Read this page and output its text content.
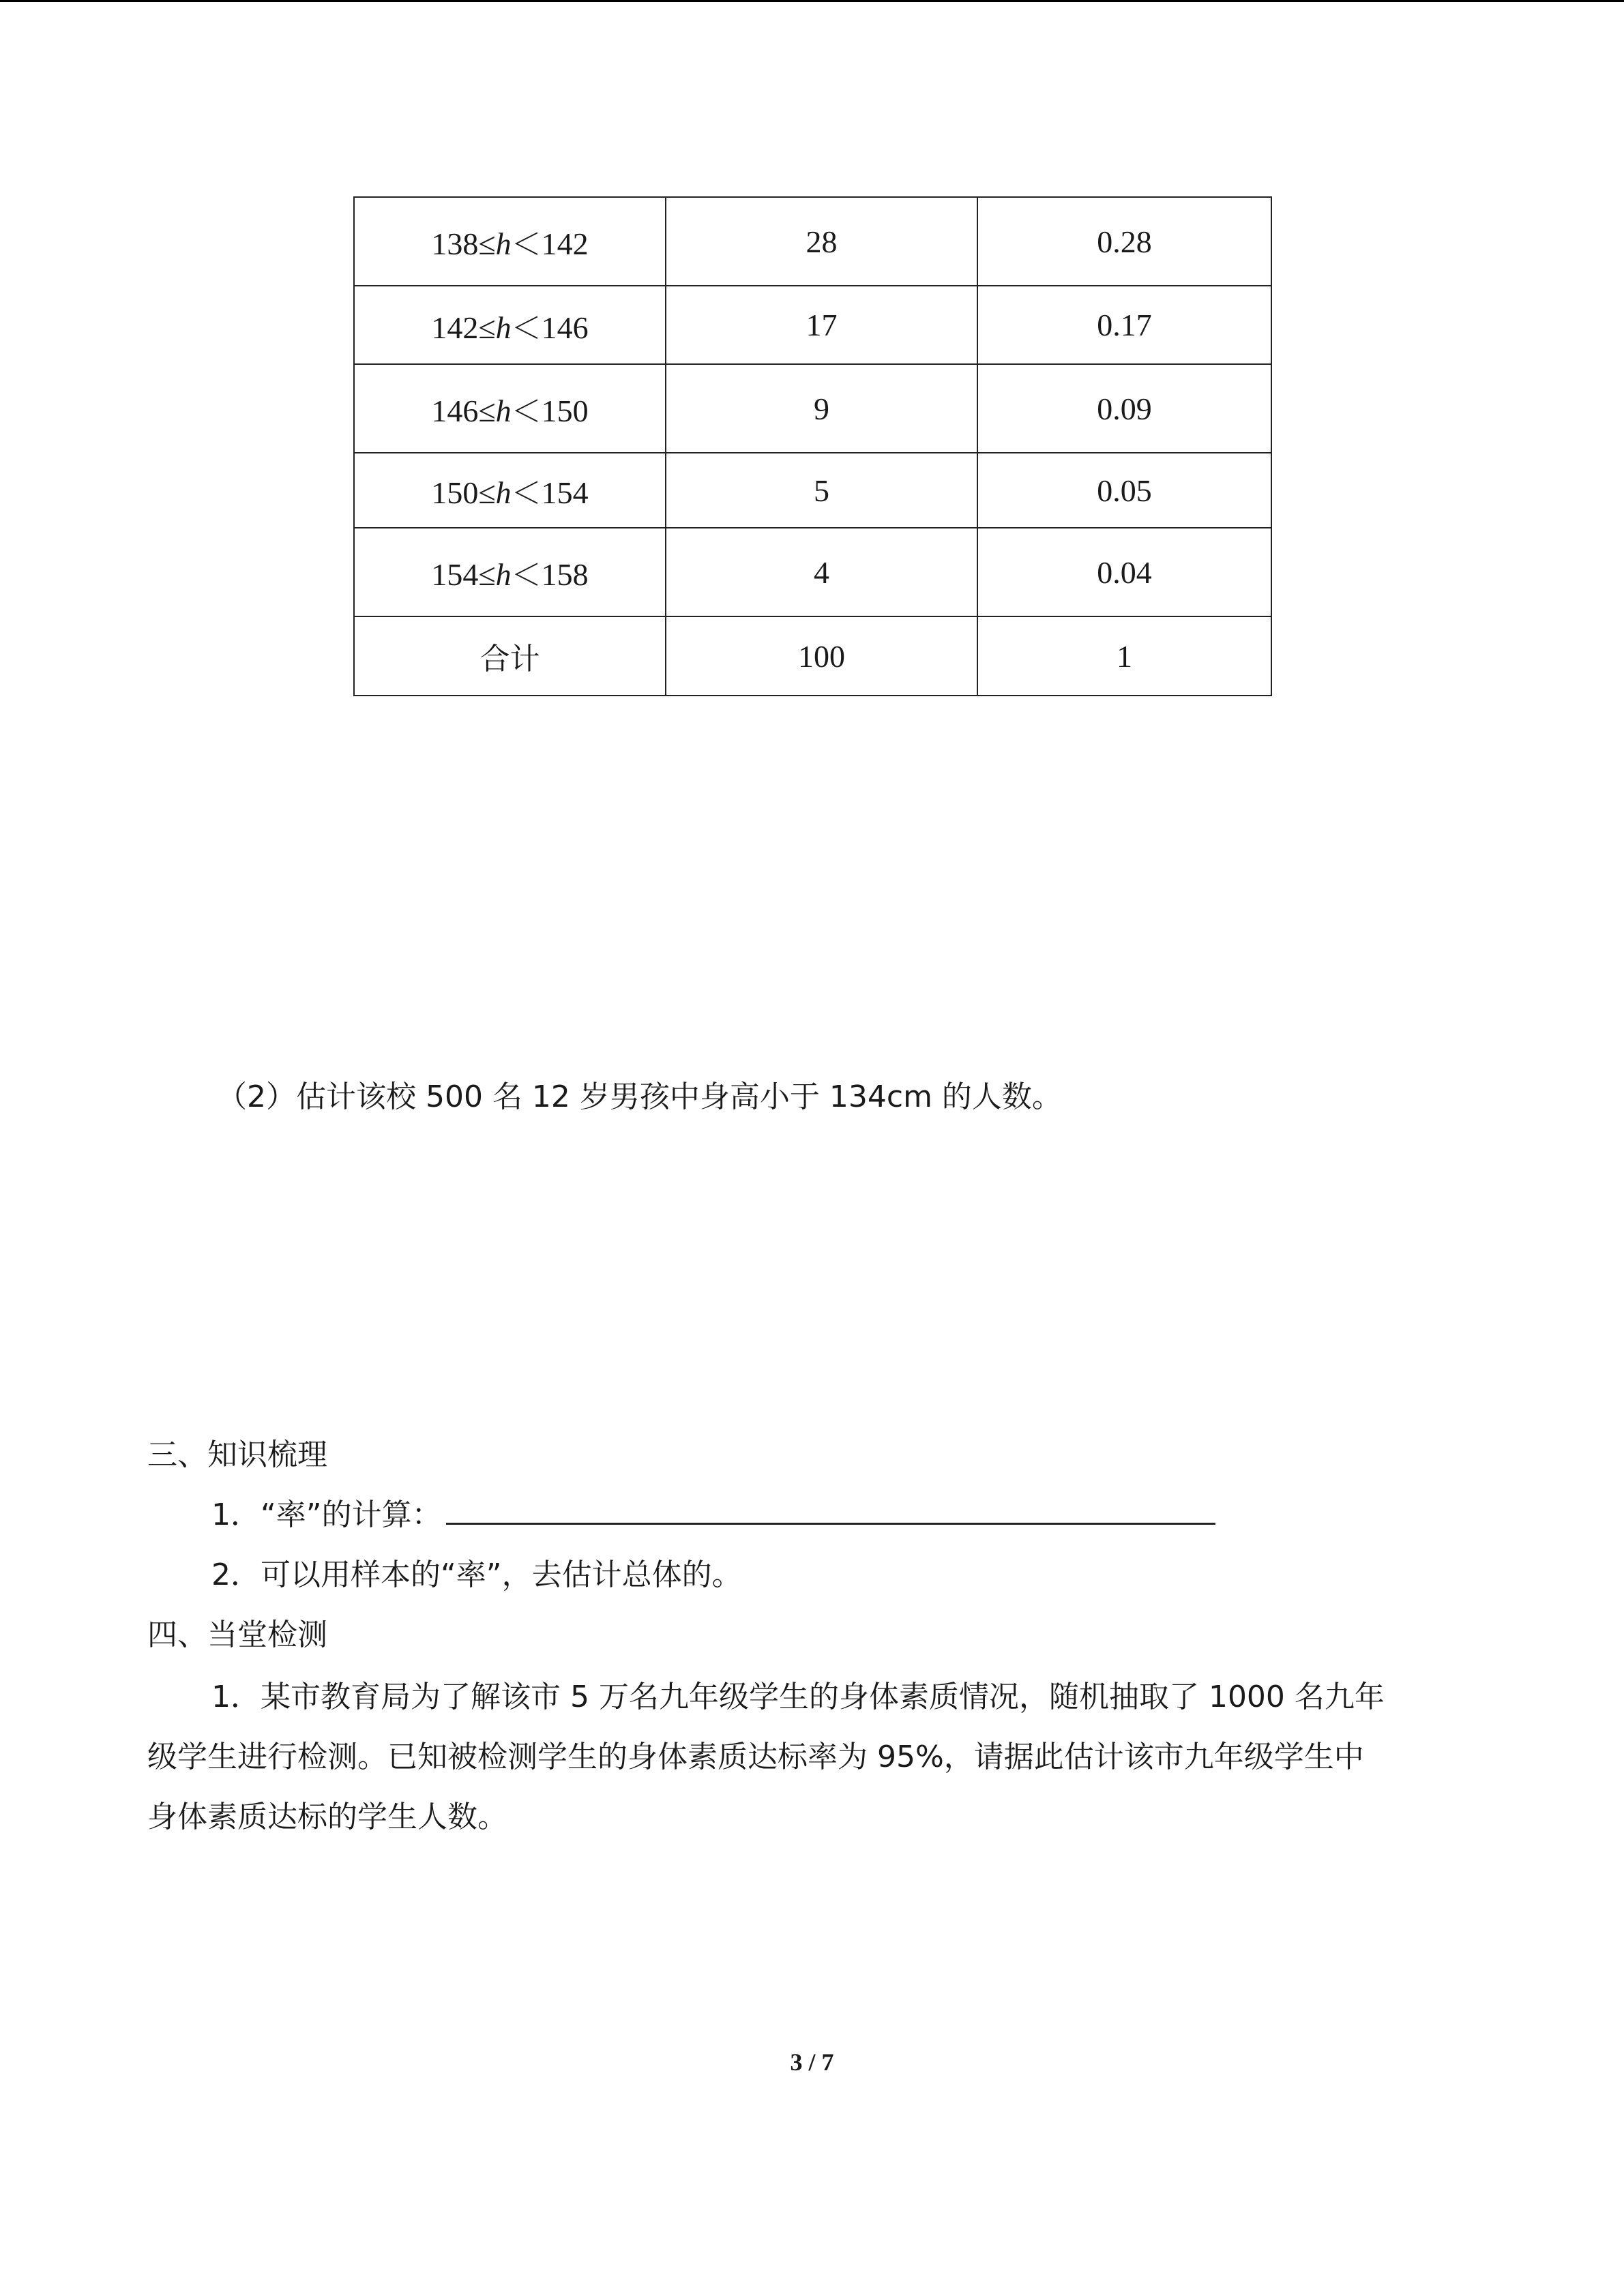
138≤h＜142	28	0.28
142≤h＜146	17	0.17
146≤h＜150	9	0.09
150≤h＜154	5	0.05
154≤h＜158	4	0.04
合计	100	1
（2）估计该校 500 名 12 岁男孩中身高小于 134cm 的人数。
三、知识梳理
1．“率”的计算：
2．可以用样本的“率”，去估计总体的。
四、当堂检测
1．某市教育局为了解该市 5 万名九年级学生的身体素质情况，随机抽取了 1000 名九年
级学生进行检测。已知被检测学生的身体素质达标率为 95%，请据此估计该市九年级学生中
身体素质达标的学生人数。
3 / 7
